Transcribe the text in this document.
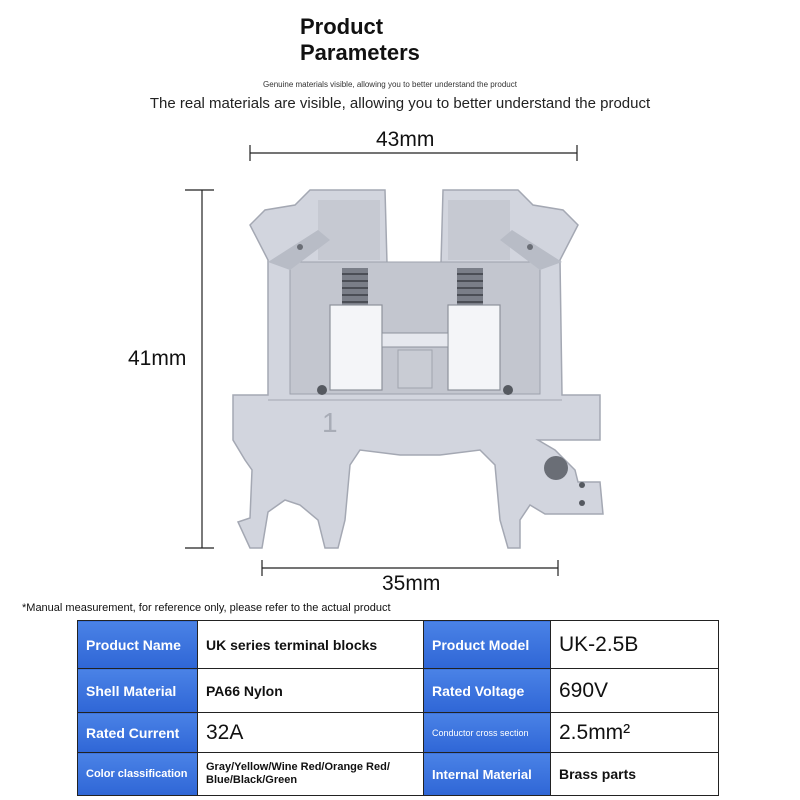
Product
Parameters
Genuine materials visible, allowing you to better understand the product
The real materials are visible, allowing you to better understand the product
1
43mm
41mm
35mm
*Manual measurement, for reference only, please refer to the actual product
Product Name	UK series terminal blocks	Product Model	UK-2.5B
Shell Material	PA66 Nylon	Rated Voltage	690V
Rated Current	32A	Conductor cross section	2.5mm²
Color classification	Gray/Yellow/Wine Red/Orange Red/ Blue/Black/Green	Internal Material	Brass parts
